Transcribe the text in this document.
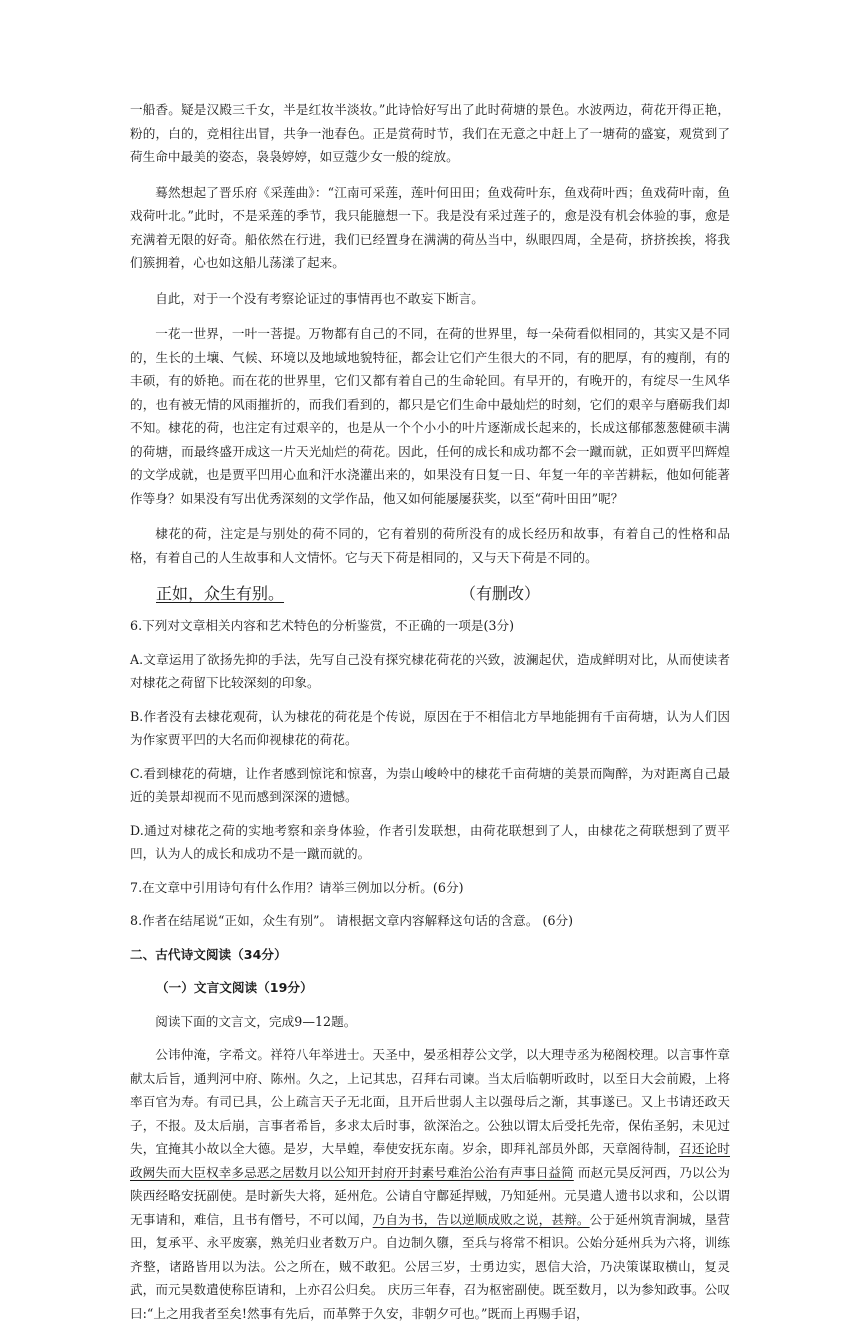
一船香。疑是汉殿三千女，半是红妆半淡妆。”此诗恰好写出了此时荷塘的景色。水波两边，荷花开得正艳，粉的，白的，竞相往出冒，共争一池春色。正是赏荷时节，我们在无意之中赶上了一塘荷的盛宴，观赏到了荷生命中最美的姿态，袅袅婷婷，如豆蔻少女一般的绽放。

蓦然想起了晋乐府《采莲曲》：“江南可采莲，莲叶何田田；鱼戏荷叶东，鱼戏荷叶西；鱼戏荷叶南，鱼戏荷叶北。”此时，不是采莲的季节，我只能臆想一下。我是没有采过莲子的，愈是没有机会体验的事，愈是充满着无限的好奇。船依然在行进，我们已经置身在满满的荷丛当中，纵眼四周，全是荷，挤挤挨挨，将我们簇拥着，心也如这船儿荡漾了起来。

自此，对于一个没有考察论证过的事情再也不敢妄下断言。

一花一世界，一叶一菩提。万物都有自己的不同，在荷的世界里，每一朵荷看似相同的，其实又是不同的，生长的土壤、气候、环境以及地域地貌特征，都会让它们产生很大的不同，有的肥厚，有的瘦削，有的丰硕，有的娇艳。而在花的世界里，它们又都有着自己的生命轮回。有早开的，有晚开的，有绽尽一生风华的，也有被无情的风雨摧折的，而我们看到的，都只是它们生命中最灿烂的时刻，它们的艰辛与磨砺我们却不知。棣花的荷，也注定有过艰辛的，也是从一个个小小的叶片逐渐成长起来的，长成这郁郁葱葱健硕丰满的荷塘，而最终盛开成这一片天光灿烂的荷花。因此，任何的成长和成功都不会一蹴而就，正如贾平凹辉煌的文学成就，也是贾平凹用心血和汗水浇灌出来的，如果没有日复一日、年复一年的辛苦耕耘，他如何能著作等身？如果没有写出优秀深刻的文学作品，他又如何能屡屡获奖，以至“荷叶田田”呢？

棣花的荷，注定是与别处的荷不同的，它有着别的荷所没有的成长经历和故事，有着自己的性格和品格，有着自己的人生故事和人文情怀。它与天下荷是相同的，又与天下荷是不同的。

正如，众生有别。	（有删改）

6.下列对文章相关内容和艺术特色的分析鉴赏，不正确的一项是(3分)

A.文章运用了欲扬先抑的手法，先写自己没有探究棣花荷花的兴致，波澜起伏，造成鲜明对比，从而使读者对棣花之荷留下比较深刻的印象。

B.作者没有去棣花观荷，认为棣花的荷花是个传说，原因在于不相信北方旱地能拥有千亩荷塘，认为人们因为作家贾平凹的大名而仰视棣花的荷花。

C.看到棣花的荷塘，让作者感到惊诧和惊喜，为崇山峻岭中的棣花千亩荷塘的美景而陶醉，为对距离自己最近的美景却视而不见而感到深深的遗憾。

D.通过对棣花之荷的实地考察和亲身体验，作者引发联想，由荷花联想到了人，由棣花之荷联想到了贾平凹，认为人的成长和成功不是一蹴而就的。

7.在文章中引用诗句有什么作用？请举三例加以分析。(6分)

8.作者在结尾说“正如，众生有别”。 请根据文章内容解释这句话的含意。 (6分)

二、古代诗文阅读（34分）

（一）文言文阅读（19分）

阅读下面的文言文，完成9—12题。

公讳仲淹，字希文。祥符八年举进士。天圣中，晏丞相荐公文学，以大理寺丞为秘阁校理。以言事忤章献太后旨，通判河中府、陈州。久之，上记其忠，召拜右司谏。当太后临朝听政时，以至日大会前殿，上将率百官为寿。有司已具，公上疏言天子无北面，且开后世弱人主以强母后之渐，其事遂已。又上书请还政天子，不报。及太后崩，言事者希旨，多求太后时事，欲深治之。公独以谓太后受托先帝，保佑圣躬，未见过失，宜掩其小故以全大德。是岁，大旱蝗，奉使安抚东南。岁余，即拜礼部员外郎，天章阁待制，召还论时政阙失而大臣权幸多忌恶之居数月以公知开封府开封素号难治公治有声事日益简 而赵元昊反河西，乃以公为陕西经略安抚副使。是时新失大将，延州危。公请自守鄜延捍贼，乃知延州。元昊遣人遗书以求和，公以谓无事请和，难信，且书有僭号，不可以闻，乃自为书，告以逆顺成败之说，甚辩。公于延州筑青涧城，垦营田，复承平、永平废寨，熟羌归业者数万户。自边制久隳，至兵与将常不相识。公始分延州兵为六将，训练齐整，诸路皆用以为法。公之所在，贼不敢犯。公居三岁，士勇边实，恩信大洽，乃决策谋取横山，复灵武，而元昊数遣使称臣请和，上亦召公归矣。 庆历三年春，召为枢密副使。既至数月，以为参知政事。公叹曰:“上之用我者至矣!然事有先后，而革弊于久安，非朝夕可也。”既而上再赐手诏，
